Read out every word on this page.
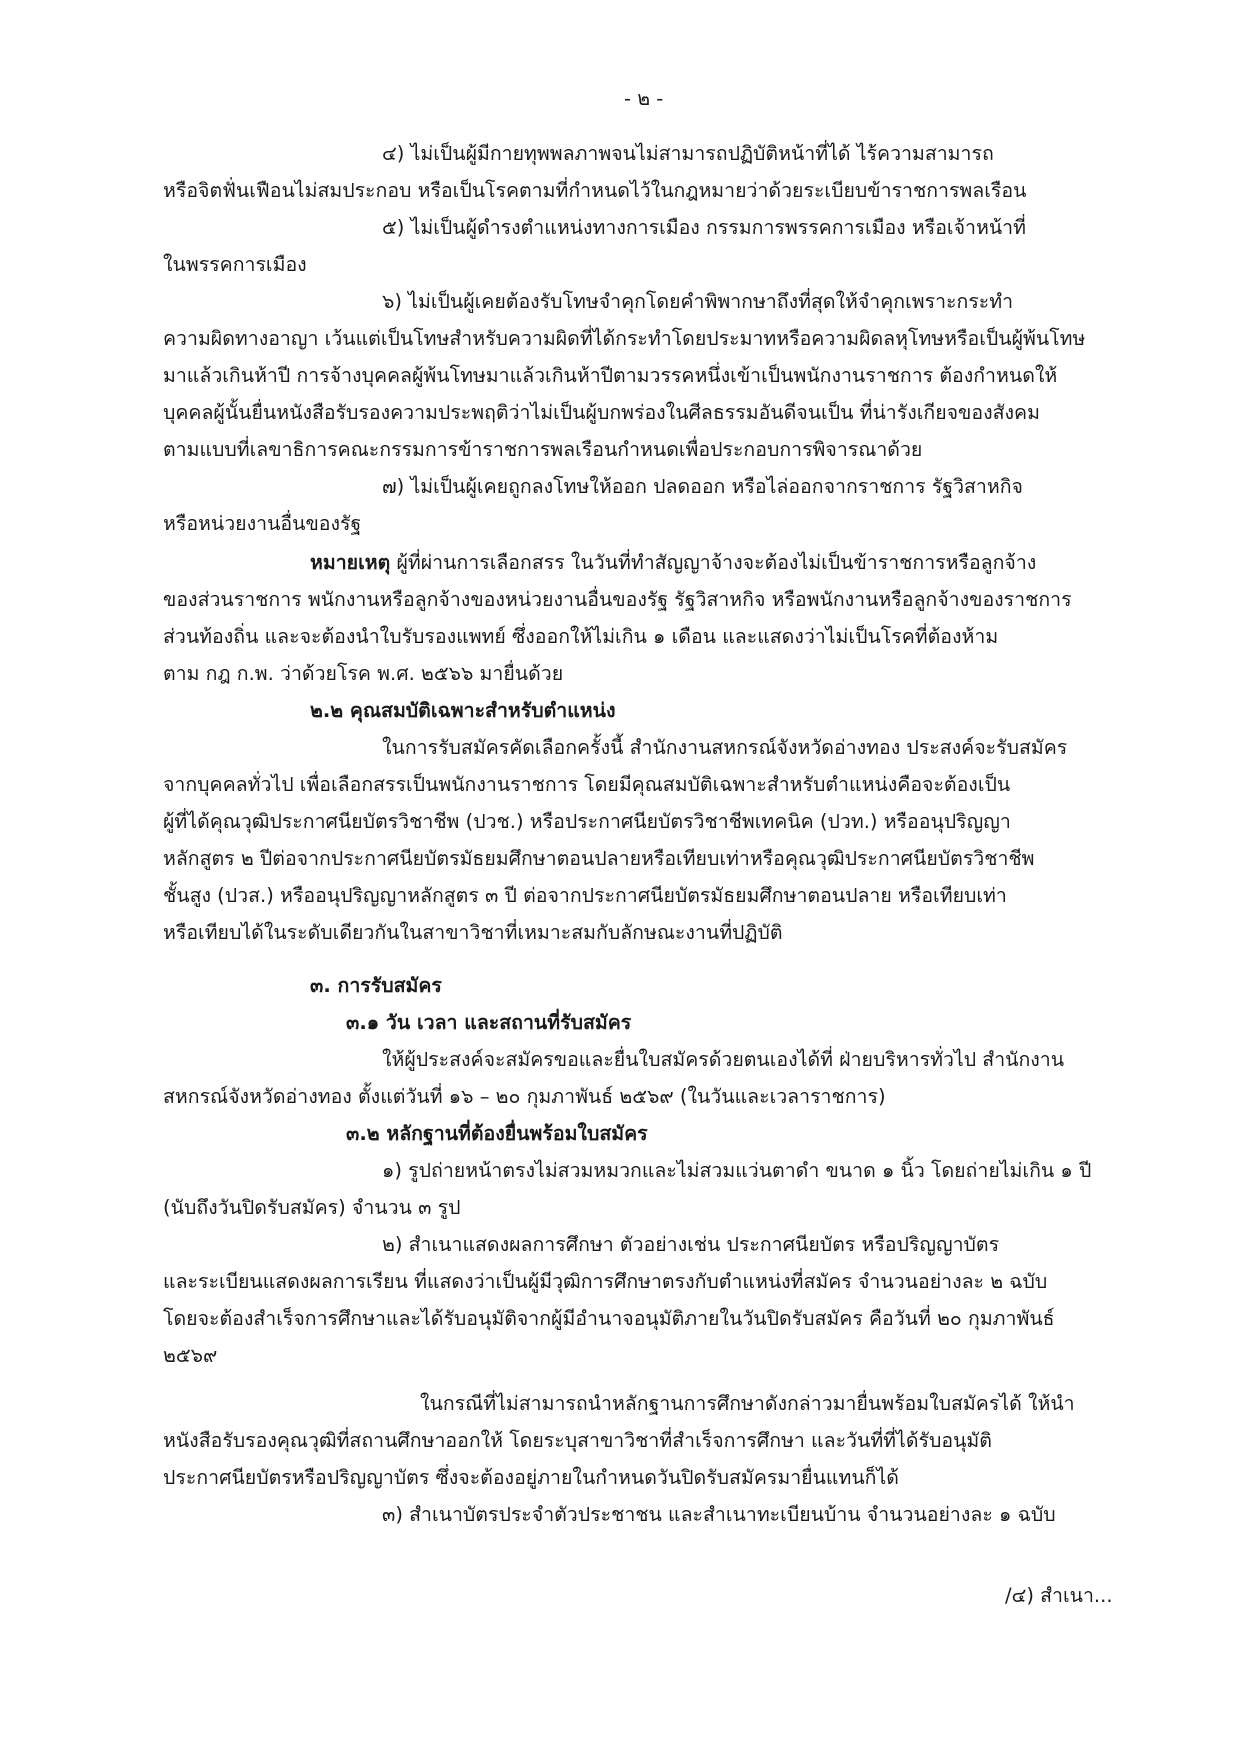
- ๒ -
๔) ไม่เป็นผู้มีกายทุพพลภาพจนไม่สามารถปฏิบัติหน้าที่ได้ ไร้ความสามารถ
หรือจิตฟั่นเฟือนไม่สมประกอบ หรือเป็นโรคตามที่กำหนดไว้ในกฎหมายว่าด้วยระเบียบข้าราชการพลเรือน
๕) ไม่เป็นผู้ดำรงตำแหน่งทางการเมือง กรรมการพรรคการเมือง หรือเจ้าหน้าที่
ในพรรคการเมือง
๖) ไม่เป็นผู้เคยต้องรับโทษจำคุกโดยคำพิพากษาถึงที่สุดให้จำคุกเพราะกระทำ
ความผิดทางอาญา เว้นแต่เป็นโทษสำหรับความผิดที่ได้กระทำโดยประมาทหรือความผิดลหุโทษหรือเป็นผู้พ้นโทษ
มาแล้วเกินห้าปี การจ้างบุคคลผู้พ้นโทษมาแล้วเกินห้าปีตามวรรคหนึ่งเข้าเป็นพนักงานราชการ ต้องกำหนดให้
บุคคลผู้นั้นยื่นหนังสือรับรองความประพฤติว่าไม่เป็นผู้บกพร่องในศีลธรรมอันดีจนเป็น ที่น่ารังเกียจของสังคม
ตามแบบที่เลขาธิการคณะกรรมการข้าราชการพลเรือนกำหนดเพื่อประกอบการพิจารณาด้วย
๗) ไม่เป็นผู้เคยถูกลงโทษให้ออก ปลดออก หรือไล่ออกจากราชการ รัฐวิสาหกิจ
หรือหน่วยงานอื่นของรัฐ
หมายเหตุ ผู้ที่ผ่านการเลือกสรร ในวันที่ทำสัญญาจ้างจะต้องไม่เป็นข้าราชการหรือลูกจ้าง
ของส่วนราชการ พนักงานหรือลูกจ้างของหน่วยงานอื่นของรัฐ รัฐวิสาหกิจ หรือพนักงานหรือลูกจ้างของราชการ
ส่วนท้องถิ่น และจะต้องนำใบรับรองแพทย์ ซึ่งออกให้ไม่เกิน ๑ เดือน และแสดงว่าไม่เป็นโรคที่ต้องห้าม
ตาม กฎ ก.พ. ว่าด้วยโรค พ.ศ. ๒๕๖๖ มายื่นด้วย
๒.๒ คุณสมบัติเฉพาะสำหรับตำแหน่ง
ในการรับสมัครคัดเลือกครั้งนี้ สำนักงานสหกรณ์จังหวัดอ่างทอง ประสงค์จะรับสมัคร
จากบุคคลทั่วไป เพื่อเลือกสรรเป็นพนักงานราชการ โดยมีคุณสมบัติเฉพาะสำหรับตำแหน่งคือจะต้องเป็น
ผู้ที่ได้คุณวุฒิประกาศนียบัตรวิชาชีพ (ปวช.) หรือประกาศนียบัตรวิชาชีพเทคนิค (ปวท.) หรืออนุปริญญา
หลักสูตร ๒ ปีต่อจากประกาศนียบัตรมัธยมศึกษาตอนปลายหรือเทียบเท่าหรือคุณวุฒิประกาศนียบัตรวิชาชีพ
ชั้นสูง (ปวส.) หรืออนุปริญญาหลักสูตร ๓ ปี ต่อจากประกาศนียบัตรมัธยมศึกษาตอนปลาย หรือเทียบเท่า
หรือเทียบได้ในระดับเดียวกันในสาขาวิชาที่เหมาะสมกับลักษณะงานที่ปฏิบัติ
๓. การรับสมัคร
๓.๑ วัน เวลา และสถานที่รับสมัคร
ให้ผู้ประสงค์จะสมัครขอและยื่นใบสมัครด้วยตนเองได้ที่ ฝ่ายบริหารทั่วไป สำนักงาน
สหกรณ์จังหวัดอ่างทอง ตั้งแต่วันที่ ๑๖ – ๒๐ กุมภาพันธ์ ๒๕๖๙ (ในวันและเวลาราชการ)
๓.๒ หลักฐานที่ต้องยื่นพร้อมใบสมัคร
๑) รูปถ่ายหน้าตรงไม่สวมหมวกและไม่สวมแว่นตาดำ ขนาด ๑ นิ้ว โดยถ่ายไม่เกิน ๑ ปี
(นับถึงวันปิดรับสมัคร) จำนวน ๓ รูป
๒) สำเนาแสดงผลการศึกษา ตัวอย่างเช่น ประกาศนียบัตร หรือปริญญาบัตร
และระเบียนแสดงผลการเรียน ที่แสดงว่าเป็นผู้มีวุฒิการศึกษาตรงกับตำแหน่งที่สมัคร จำนวนอย่างละ ๒ ฉบับ
โดยจะต้องสำเร็จการศึกษาและได้รับอนุมัติจากผู้มีอำนาจอนุมัติภายในวันปิดรับสมัคร คือวันที่ ๒๐ กุมภาพันธ์
๒๕๖๙
ในกรณีที่ไม่สามารถนำหลักฐานการศึกษาดังกล่าวมายื่นพร้อมใบสมัครได้ ให้นำ
หนังสือรับรองคุณวุฒิที่สถานศึกษาออกให้ โดยระบุสาขาวิชาที่สำเร็จการศึกษา และวันที่ที่ได้รับอนุมัติ
ประกาศนียบัตรหรือปริญญาบัตร ซึ่งจะต้องอยู่ภายในกำหนดวันปิดรับสมัครมายื่นแทนก็ได้
๓) สำเนาบัตรประจำตัวประชาชน และสำเนาทะเบียนบ้าน จำนวนอย่างละ ๑ ฉบับ
/๔) สำเนา...
